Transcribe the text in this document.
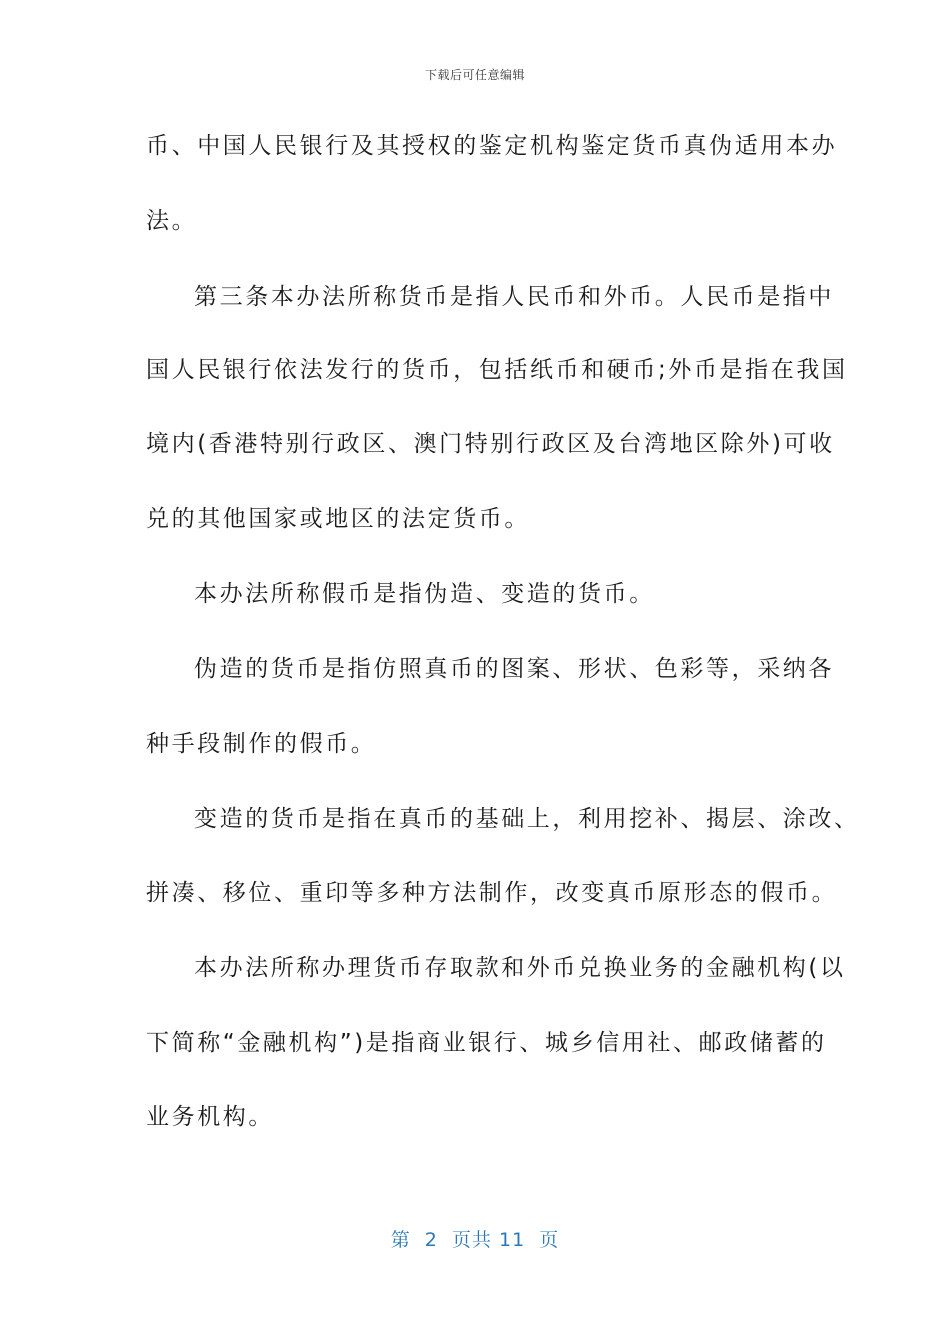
下载后可任意编辑
币、中国人民银行及其授权的鉴定机构鉴定货币真伪适用本办
法。
第三条本办法所称货币是指人民币和外币。人民币是指中
国人民银行依法发行的货币，包括纸币和硬币;外币是指在我国
境内(香港特别行政区、澳门特别行政区及台湾地区除外)可收
兑的其他国家或地区的法定货币。
本办法所称假币是指伪造、变造的货币。
伪造的货币是指仿照真币的图案、形状、色彩等，采纳各
种手段制作的假币。
变造的货币是指在真币的基础上，利用挖补、揭层、涂改、
拼凑、移位、重印等多种方法制作，改变真币原形态的假币。
本办法所称办理货币存取款和外币兑换业务的金融机构(以
下简称“金融机构”)是指商业银行、城乡信用社、邮政储蓄的
业务机构。
第  2  页共 11  页
